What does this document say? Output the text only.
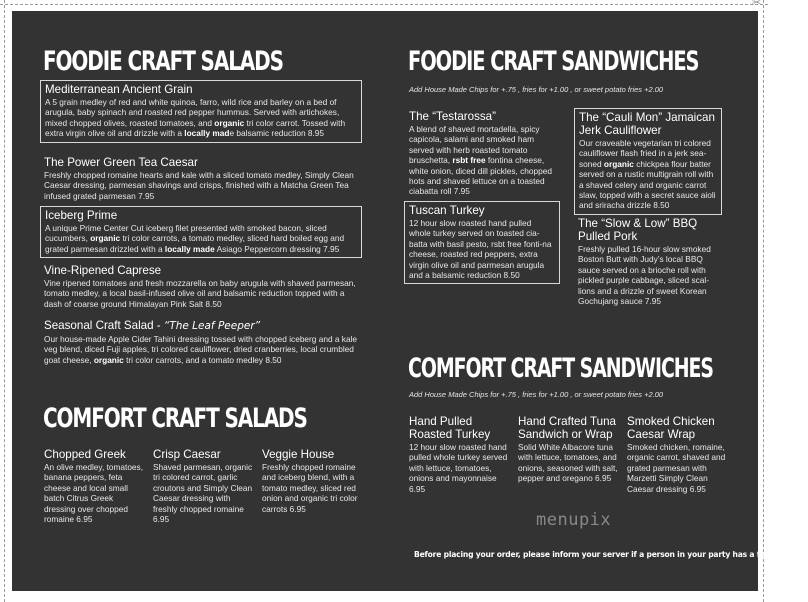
✂
FOODIE CRAFT SALADS
Mediterranean Ancient Grain
A 5 grain medley of red and white quinoa, farro, wild rice and barley on a bed of arugula, baby spinach and roasted red pepper hummus. Served with artichokes, mixed chopped olives, roasted tomatoes, and organic tri color carrot. Tossed with extra virgin olive oil and drizzle with a locally made balsamic reduction 8.95
The Power Green Tea Caesar
Freshly chopped romaine hearts and kale with a sliced tomato medley, Simply Clean Caesar dressing, parmesan shavings and crisps, finished with a Matcha Green Tea infused grated parmesan 7.95
Iceberg Prime
A unique Prime Center Cut iceberg filet presented with smoked bacon, sliced cucumbers, organic tri color carrots, a tomato medley, sliced hard boiled egg and grated parmesan drizzled with a locally made Asiago Peppercorn dressing 7.95
Vine-Ripened Caprese
Vine ripened tomatoes and fresh mozzarella on baby arugula with shaved parmesan, tomato medley, a local basil-infused olive oil and balsamic reduction topped with a dash of coarse ground Himalayan Pink Salt 8.50
Seasonal Craft Salad - “The Leaf Peeper”
Our house-made Apple Cider Tahini dressing tossed with chopped iceberg and a kale veg blend, diced Fuji apples, tri colored cauliflower, dried cranberries, local crumbled goat cheese, organic tri color carrots, and a tomato medley 8.50
COMFORT CRAFT SALADS
Chopped Greek
An olive medley, tomatoes, banana peppers, feta cheese and local small batch Citrus Greek dressing over chopped romaine 6.95
Crisp Caesar
Shaved parmesan, organic tri colored carrot, garlic croutons and Simply Clean Caesar dressing with freshly chopped romaine 6.95
Veggie House
Freshly chopped romaine and iceberg blend, with a tomato medley, sliced red onion and organic tri color carrots 6.95
FOODIE CRAFT SANDWICHES
Add House Made Chips for +.75 , fries for +1.00 , or sweet potato fries +2.00
The “Testarossa”
A blend of shaved mortadella, spicy capicola, salami and smoked ham served with herb roasted tomato bruschetta, rsbt free fontina cheese, white onion, diced dill pickles, chopped hots and shaved lettuce on a toasted ciabatta roll 7.95
Tuscan Turkey
12 hour slow roasted hand pulled whole turkey served on toasted cia-batta with basil pesto, rsbt free fonti-na cheese, roasted red peppers, extra virgin olive oil and parmesan arugula and a balsamic reduction 8.50
The “Cauli Mon” Jamaican Jerk Cauliflower
Our craveable vegetarian tri colored cauliflower flash fried in a jerk sea-soned organic chickpea flour batter served on a rustic multigrain roll with a shaved celery and organic carrot slaw, topped with a secret sauce aioli and sriracha drizzle 8.50
The “Slow & Low” BBQ Pulled Pork
Freshly pulled 16-hour slow smoked Boston Butt with Judy’s local BBQ sauce served on a brioche roll with pickled purple cabbage, sliced scal-lions and a drizzle of sweet Korean Gochujang sauce 7.95
COMFORT CRAFT SANDWICHES
Add House Made Chips for +.75 , fries for +1.00 , or sweet potato fries +2.00
Hand Pulled Roasted Turkey
12 hour slow roasted hand pulled whole turkey served with lettuce, tomatoes, onions and mayonnaise 6.95
Hand Crafted Tuna Sandwich or Wrap
Solid White Albacore tuna with lettuce, tomatoes, and onions, seasoned with salt, pepper and oregano 6.95
Smoked Chicken Caesar Wrap
Smoked chicken, romaine, organic carrot, shaved and grated parmesan with Marzetti Simply Clean Caesar dressing 6.95
menupix
Before placing your order, please inform your server if a person in your party has a food allergy.
